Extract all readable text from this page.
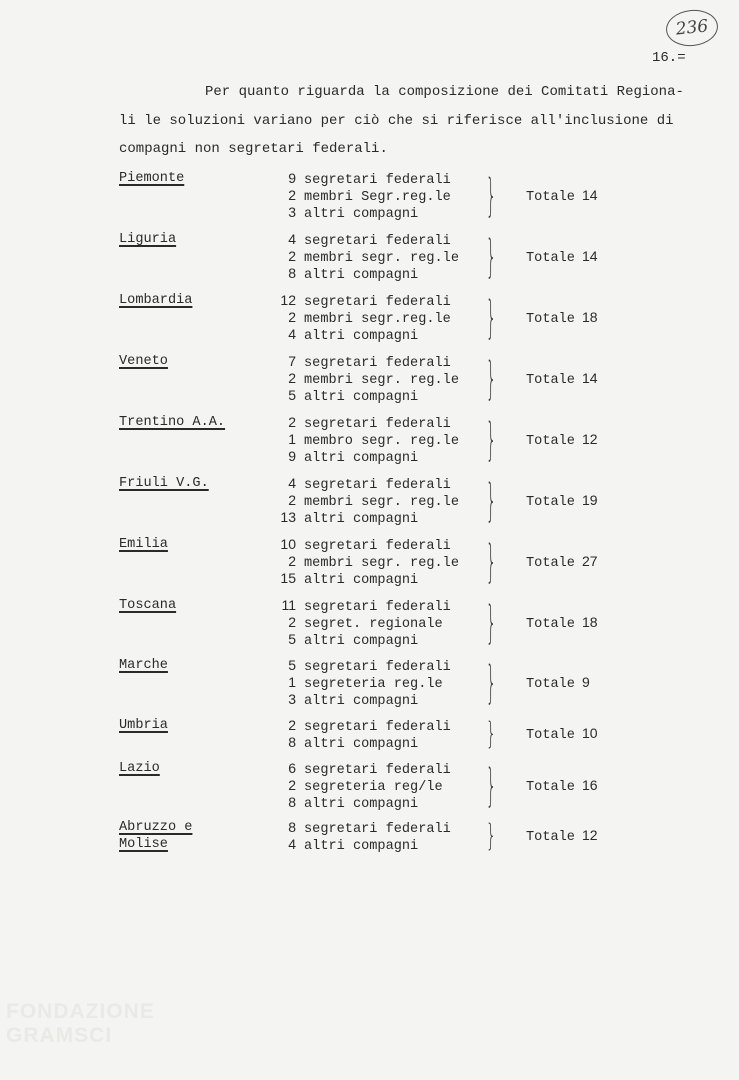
236
16.=
Per quanto riguarda la composizione dei Comitati Regiona-
li le soluzioni variano per ciò che si riferisce all'inclusione di
compagni non segretari federali.
Piemonte	9 segretari federali
2 membri Segr.reg.le
3 altri compagni	} Totale 14
Liguria	4 segretari federali
2 membri segr. reg.le
8 altri compagni	} Totale 14
Lombardia	12 segretari federali
2 membri segr.reg.le
4 altri compagni	} Totale 18
Veneto	7 segretari federali
2 membri segr. reg.le
5 altri compagni	} Totale 14
Trentino A.A.	2 segretari federali
1 membro segr. reg.le
9 altri compagni	} Totale 12
Friuli V.G.	4 segretari federali
2 membri segr. reg.le
13 altri compagni	} Totale 19
Emilia	10 segretari federali
2 membri segr. reg.le
15 altri compagni	} Totale 27
Toscana	11 segretari federali
2 segret. regionale
5 altri compagni	} Totale 18
Marche	5 segretari federali
1 segreteria reg.le
3 altri compagni	} Totale 9
Umbria	2 segretari federali
8 altri compagni	} Totale 10
Lazio	6 segretari federali
2 segreteria reg/le
8 altri compagni	} Totale 16
Abruzzo e Molise
8 segretari federali
4 altri compagni	} Totale 12
FONDAZIONE
GRAMSCI
